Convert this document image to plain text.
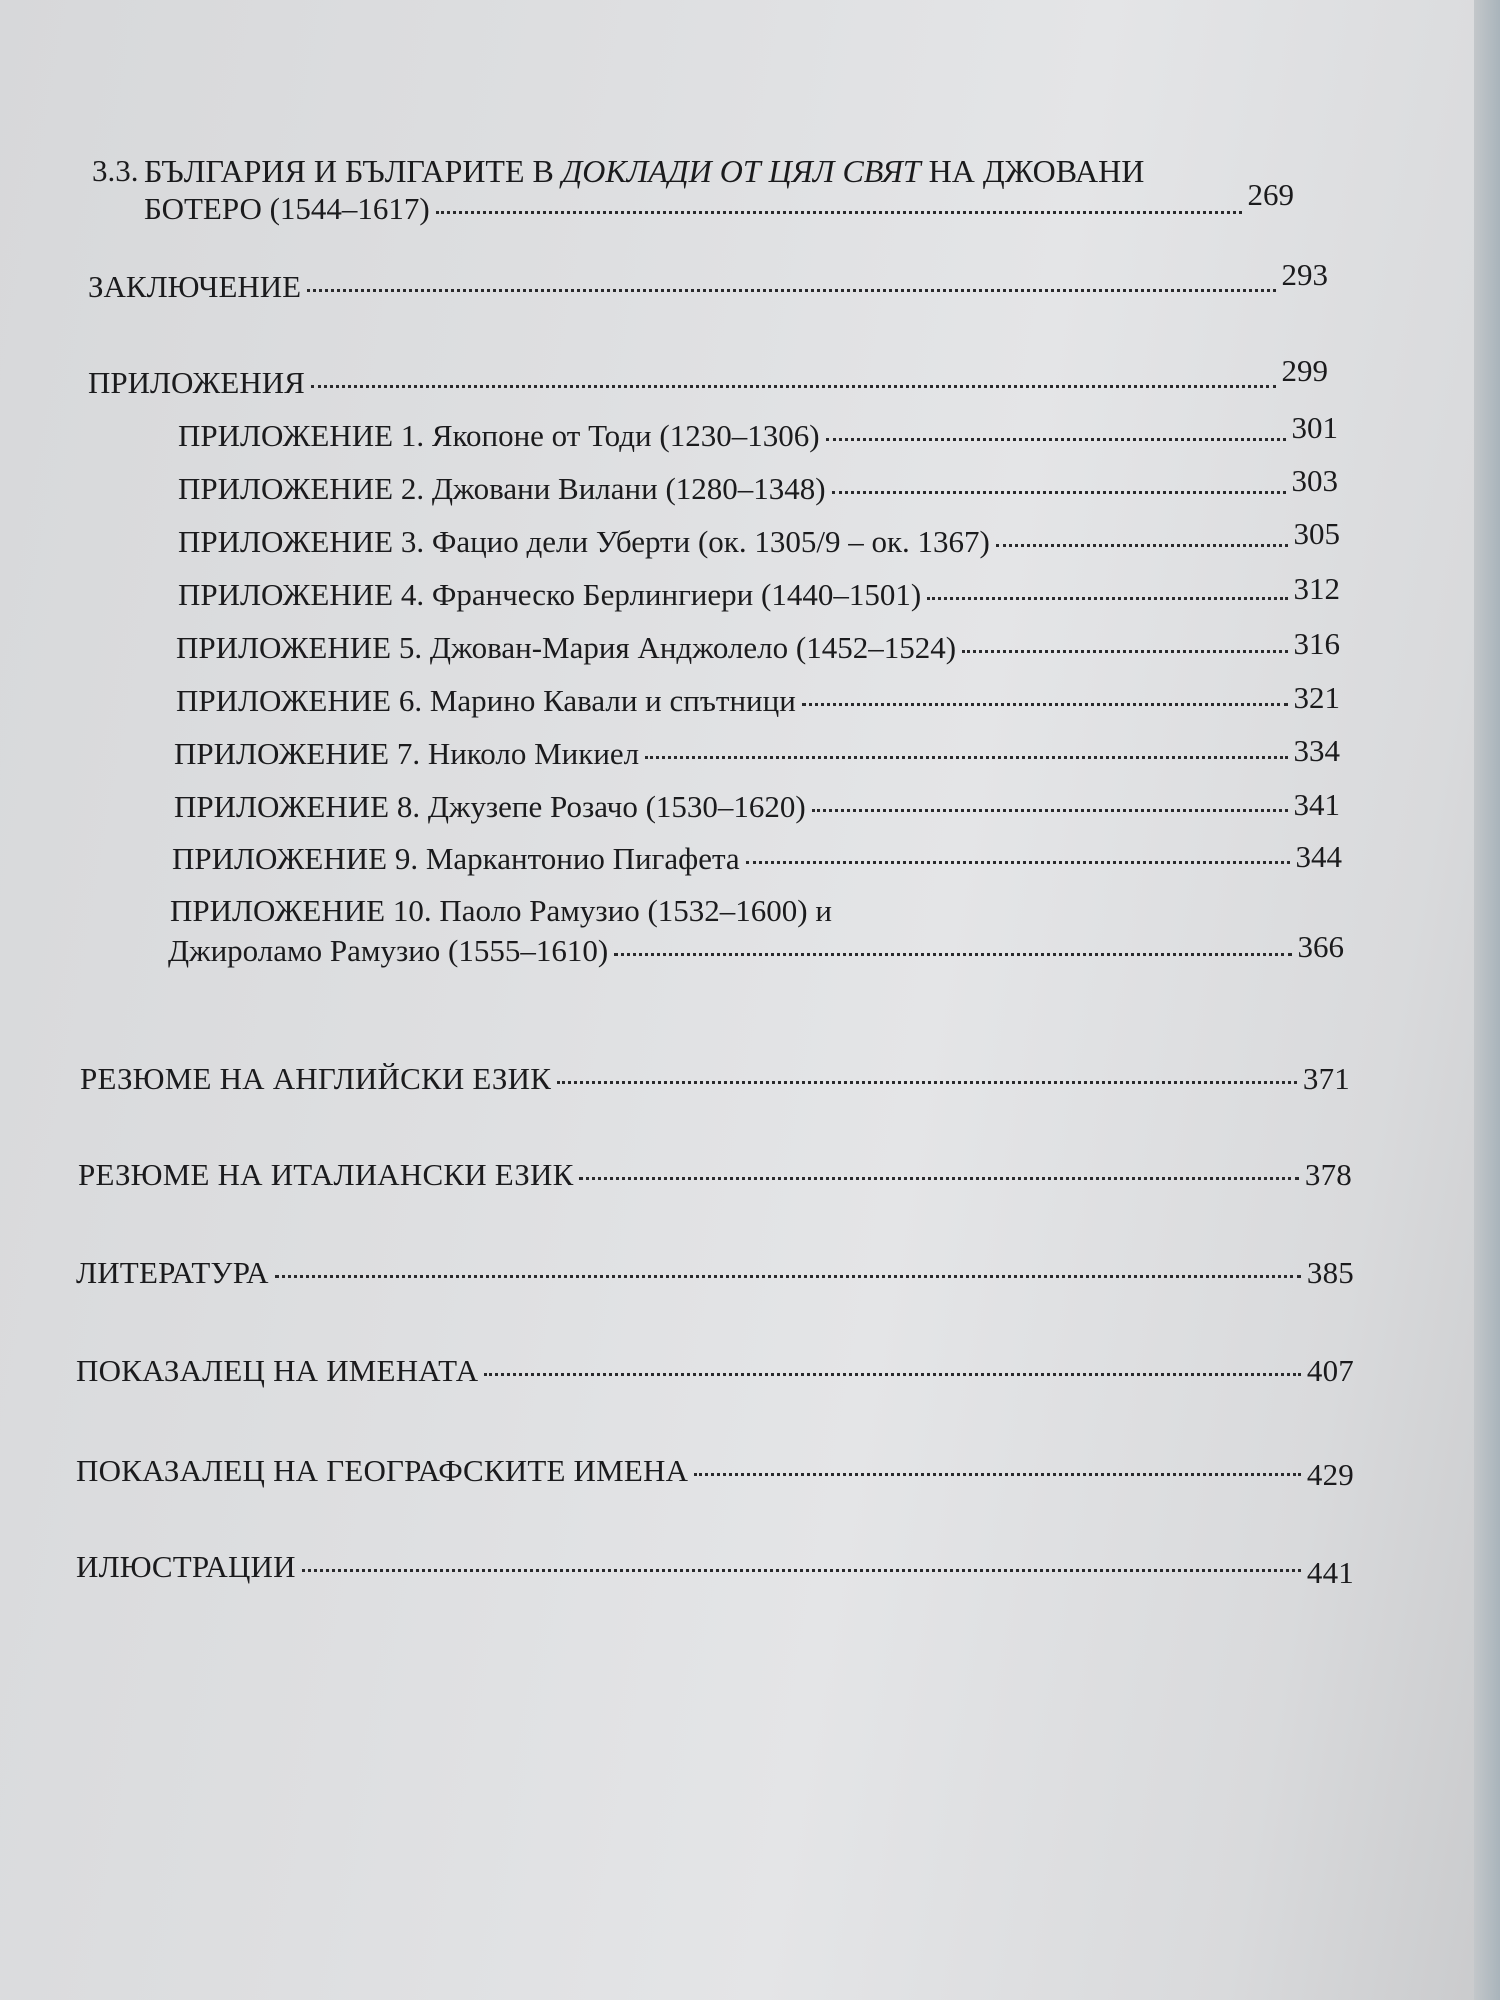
3.3. БЪЛГАРИЯ И БЪЛГАРИТЕ В ДОКЛАДИ ОТ ЦЯЛ СВЯТ НА ДЖОВАНИ
БОТЕРО (1544–1617)	269
ЗАКЛЮЧЕНИЕ	293
ПРИЛОЖЕНИЯ	299
ПРИЛОЖЕНИЕ 1. Якопоне от Тоди (1230–1306)	301
ПРИЛОЖЕНИЕ 2. Джовани Вилани (1280–1348)	303
ПРИЛОЖЕНИЕ 3. Фацио дели Уберти (ок. 1305/9 – ок. 1367)	305
ПРИЛОЖЕНИЕ 4. Франческо Берлингиери (1440–1501)	312
ПРИЛОЖЕНИЕ 5. Джован-Мария Анджолело (1452–1524)	316
ПРИЛОЖЕНИЕ 6. Марино Кавали и спътници	321
ПРИЛОЖЕНИЕ 7. Николо Микиел	334
ПРИЛОЖЕНИЕ 8. Джузепе Розачо (1530–1620)	341
ПРИЛОЖЕНИЕ 9. Маркантонио Пигафета	344
ПРИЛОЖЕНИЕ 10. Паоло Рамузио (1532–1600) и
Джироламо Рамузио (1555–1610)	366
РЕЗЮМЕ НА АНГЛИЙСКИ ЕЗИК	371
РЕЗЮМЕ НА ИТАЛИАНСКИ ЕЗИК	378
ЛИТЕРАТУРА	385
ПОКАЗАЛЕЦ НА ИМЕНАТА	407
ПОКАЗАЛЕЦ НА ГЕОГРАФСКИТЕ ИМЕНА	429
ИЛЮСТРАЦИИ	441
